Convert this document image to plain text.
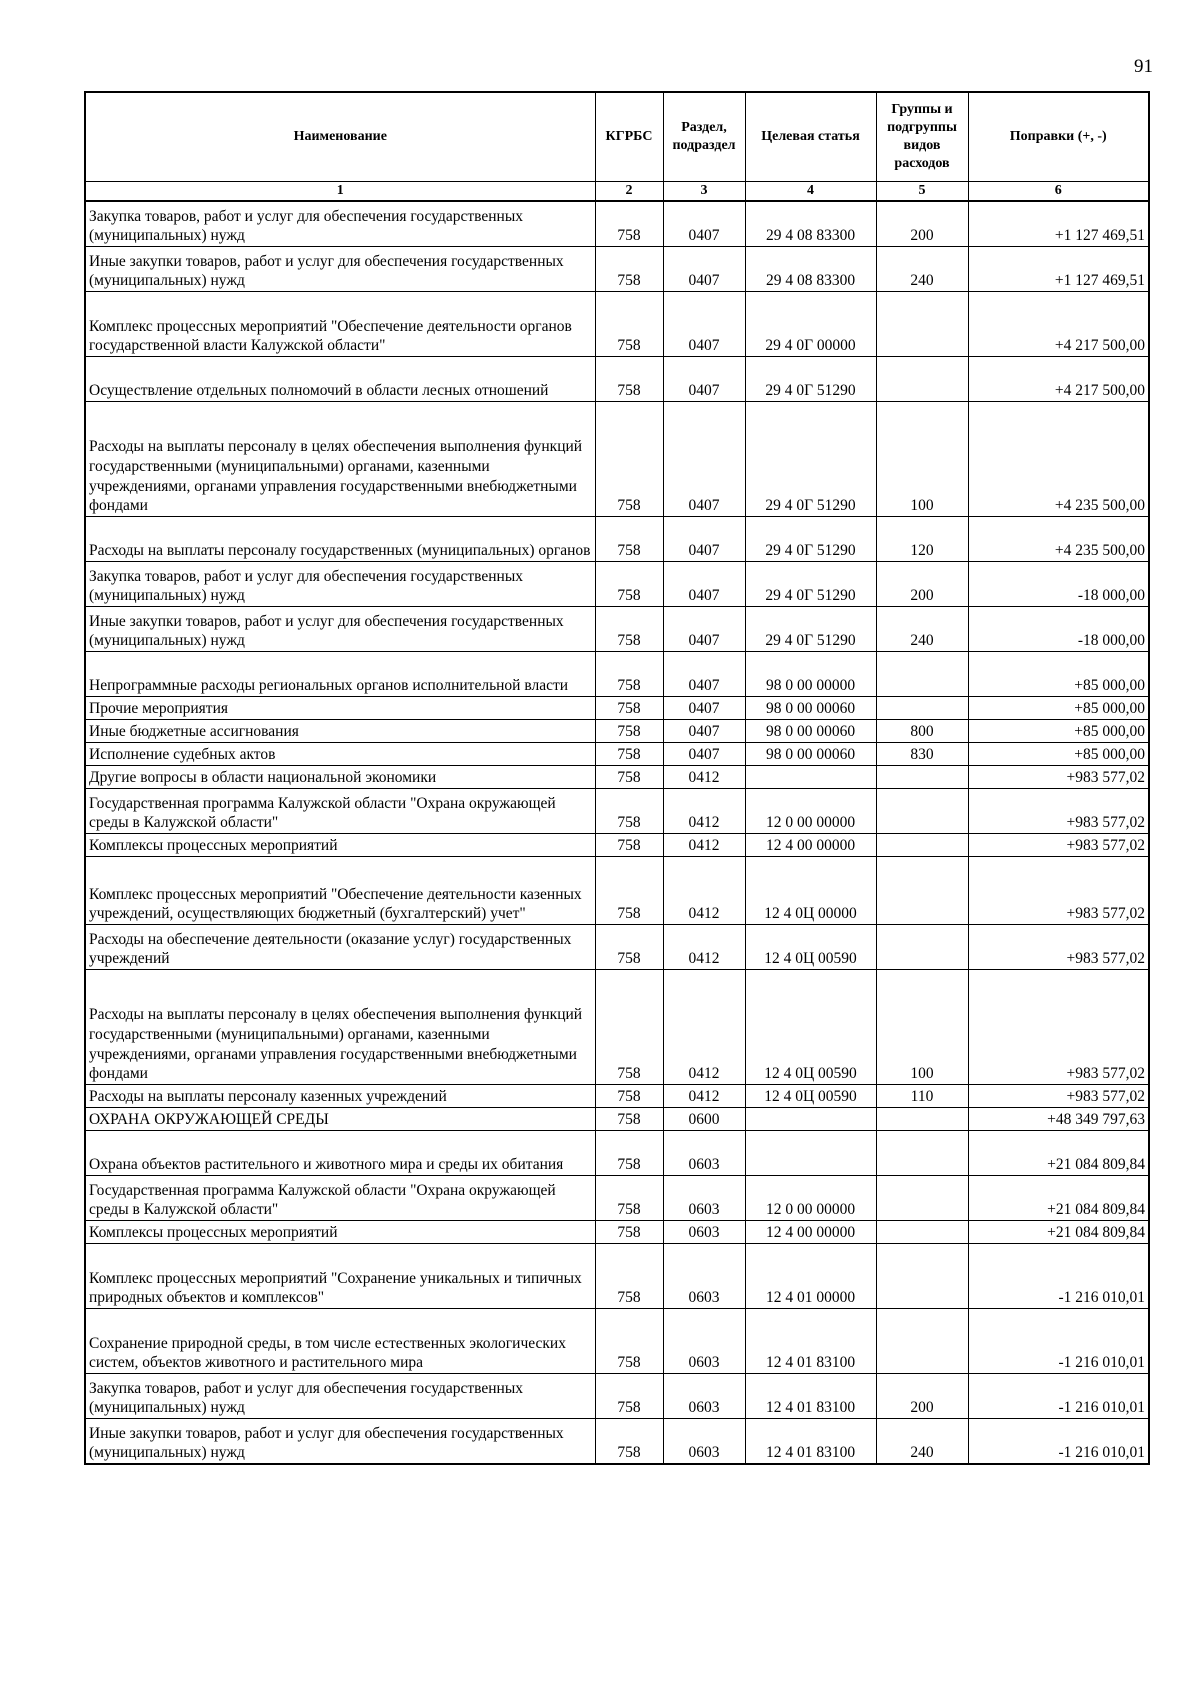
91
Наименование	КГРБС	Раздел, подраздел	Целевая статья	Группы и подгруппы видов расходов	Поправки (+, -)
1	2	3	4	5	6
Закупка товаров, работ и услуг для обеспечения государственных (муниципальных) нужд	758	0407	29 4 08 83300	200	+1 127 469,51
Иные закупки товаров, работ и услуг для обеспечения государственных (муниципальных) нужд	758	0407	29 4 08 83300	240	+1 127 469,51
Комплекс процессных мероприятий "Обеспечение деятельности органов государственной власти Калужской области"	758	0407	29 4 0Г 00000		+4 217 500,00
Осуществление отдельных полномочий в области лесных отношений	758	0407	29 4 0Г 51290		+4 217 500,00
Расходы на выплаты персоналу в целях обеспечения выполнения функций государственными (муниципальными) органами, казенными учреждениями, органами управления государственными внебюджетными фондами	758	0407	29 4 0Г 51290	100	+4 235 500,00
Расходы на выплаты персоналу государственных (муниципальных) органов	758	0407	29 4 0Г 51290	120	+4 235 500,00
Закупка товаров, работ и услуг для обеспечения государственных (муниципальных) нужд	758	0407	29 4 0Г 51290	200	-18 000,00
Иные закупки товаров, работ и услуг для обеспечения государственных (муниципальных) нужд	758	0407	29 4 0Г 51290	240	-18 000,00
Непрограммные расходы региональных органов исполнительной власти	758	0407	98 0 00 00000		+85 000,00
Прочие мероприятия	758	0407	98 0 00 00060		+85 000,00
Иные бюджетные ассигнования	758	0407	98 0 00 00060	800	+85 000,00
Исполнение судебных актов	758	0407	98 0 00 00060	830	+85 000,00
Другие вопросы в области национальной экономики	758	0412			+983 577,02
Государственная программа Калужской области "Охрана окружающей среды в Калужской области"	758	0412	12 0 00 00000		+983 577,02
Комплексы процессных мероприятий	758	0412	12 4 00 00000		+983 577,02
Комплекс процессных мероприятий "Обеспечение деятельности казенных учреждений, осуществляющих бюджетный (бухгалтерский) учет"	758	0412	12 4 0Ц 00000		+983 577,02
Расходы на обеспечение деятельности (оказание услуг) государственных учреждений	758	0412	12 4 0Ц 00590		+983 577,02
Расходы на выплаты персоналу в целях обеспечения выполнения функций государственными (муниципальными) органами, казенными учреждениями, органами управления государственными внебюджетными фондами	758	0412	12 4 0Ц 00590	100	+983 577,02
Расходы на выплаты персоналу казенных учреждений	758	0412	12 4 0Ц 00590	110	+983 577,02
ОХРАНА ОКРУЖАЮЩЕЙ СРЕДЫ	758	0600			+48 349 797,63
Охрана объектов растительного и животного мира и среды их обитания	758	0603			+21 084 809,84
Государственная программа Калужской области "Охрана окружающей среды в Калужской области"	758	0603	12 0 00 00000		+21 084 809,84
Комплексы процессных мероприятий	758	0603	12 4 00 00000		+21 084 809,84
Комплекс процессных мероприятий "Сохранение уникальных и типичных природных объектов и комплексов"	758	0603	12 4 01 00000		-1 216 010,01
Сохранение природной среды, в том числе естественных экологических систем, объектов животного и растительного мира	758	0603	12 4 01 83100		-1 216 010,01
Закупка товаров, работ и услуг для обеспечения государственных (муниципальных) нужд	758	0603	12 4 01 83100	200	-1 216 010,01
Иные закупки товаров, работ и услуг для обеспечения государственных (муниципальных) нужд	758	0603	12 4 01 83100	240	-1 216 010,01
